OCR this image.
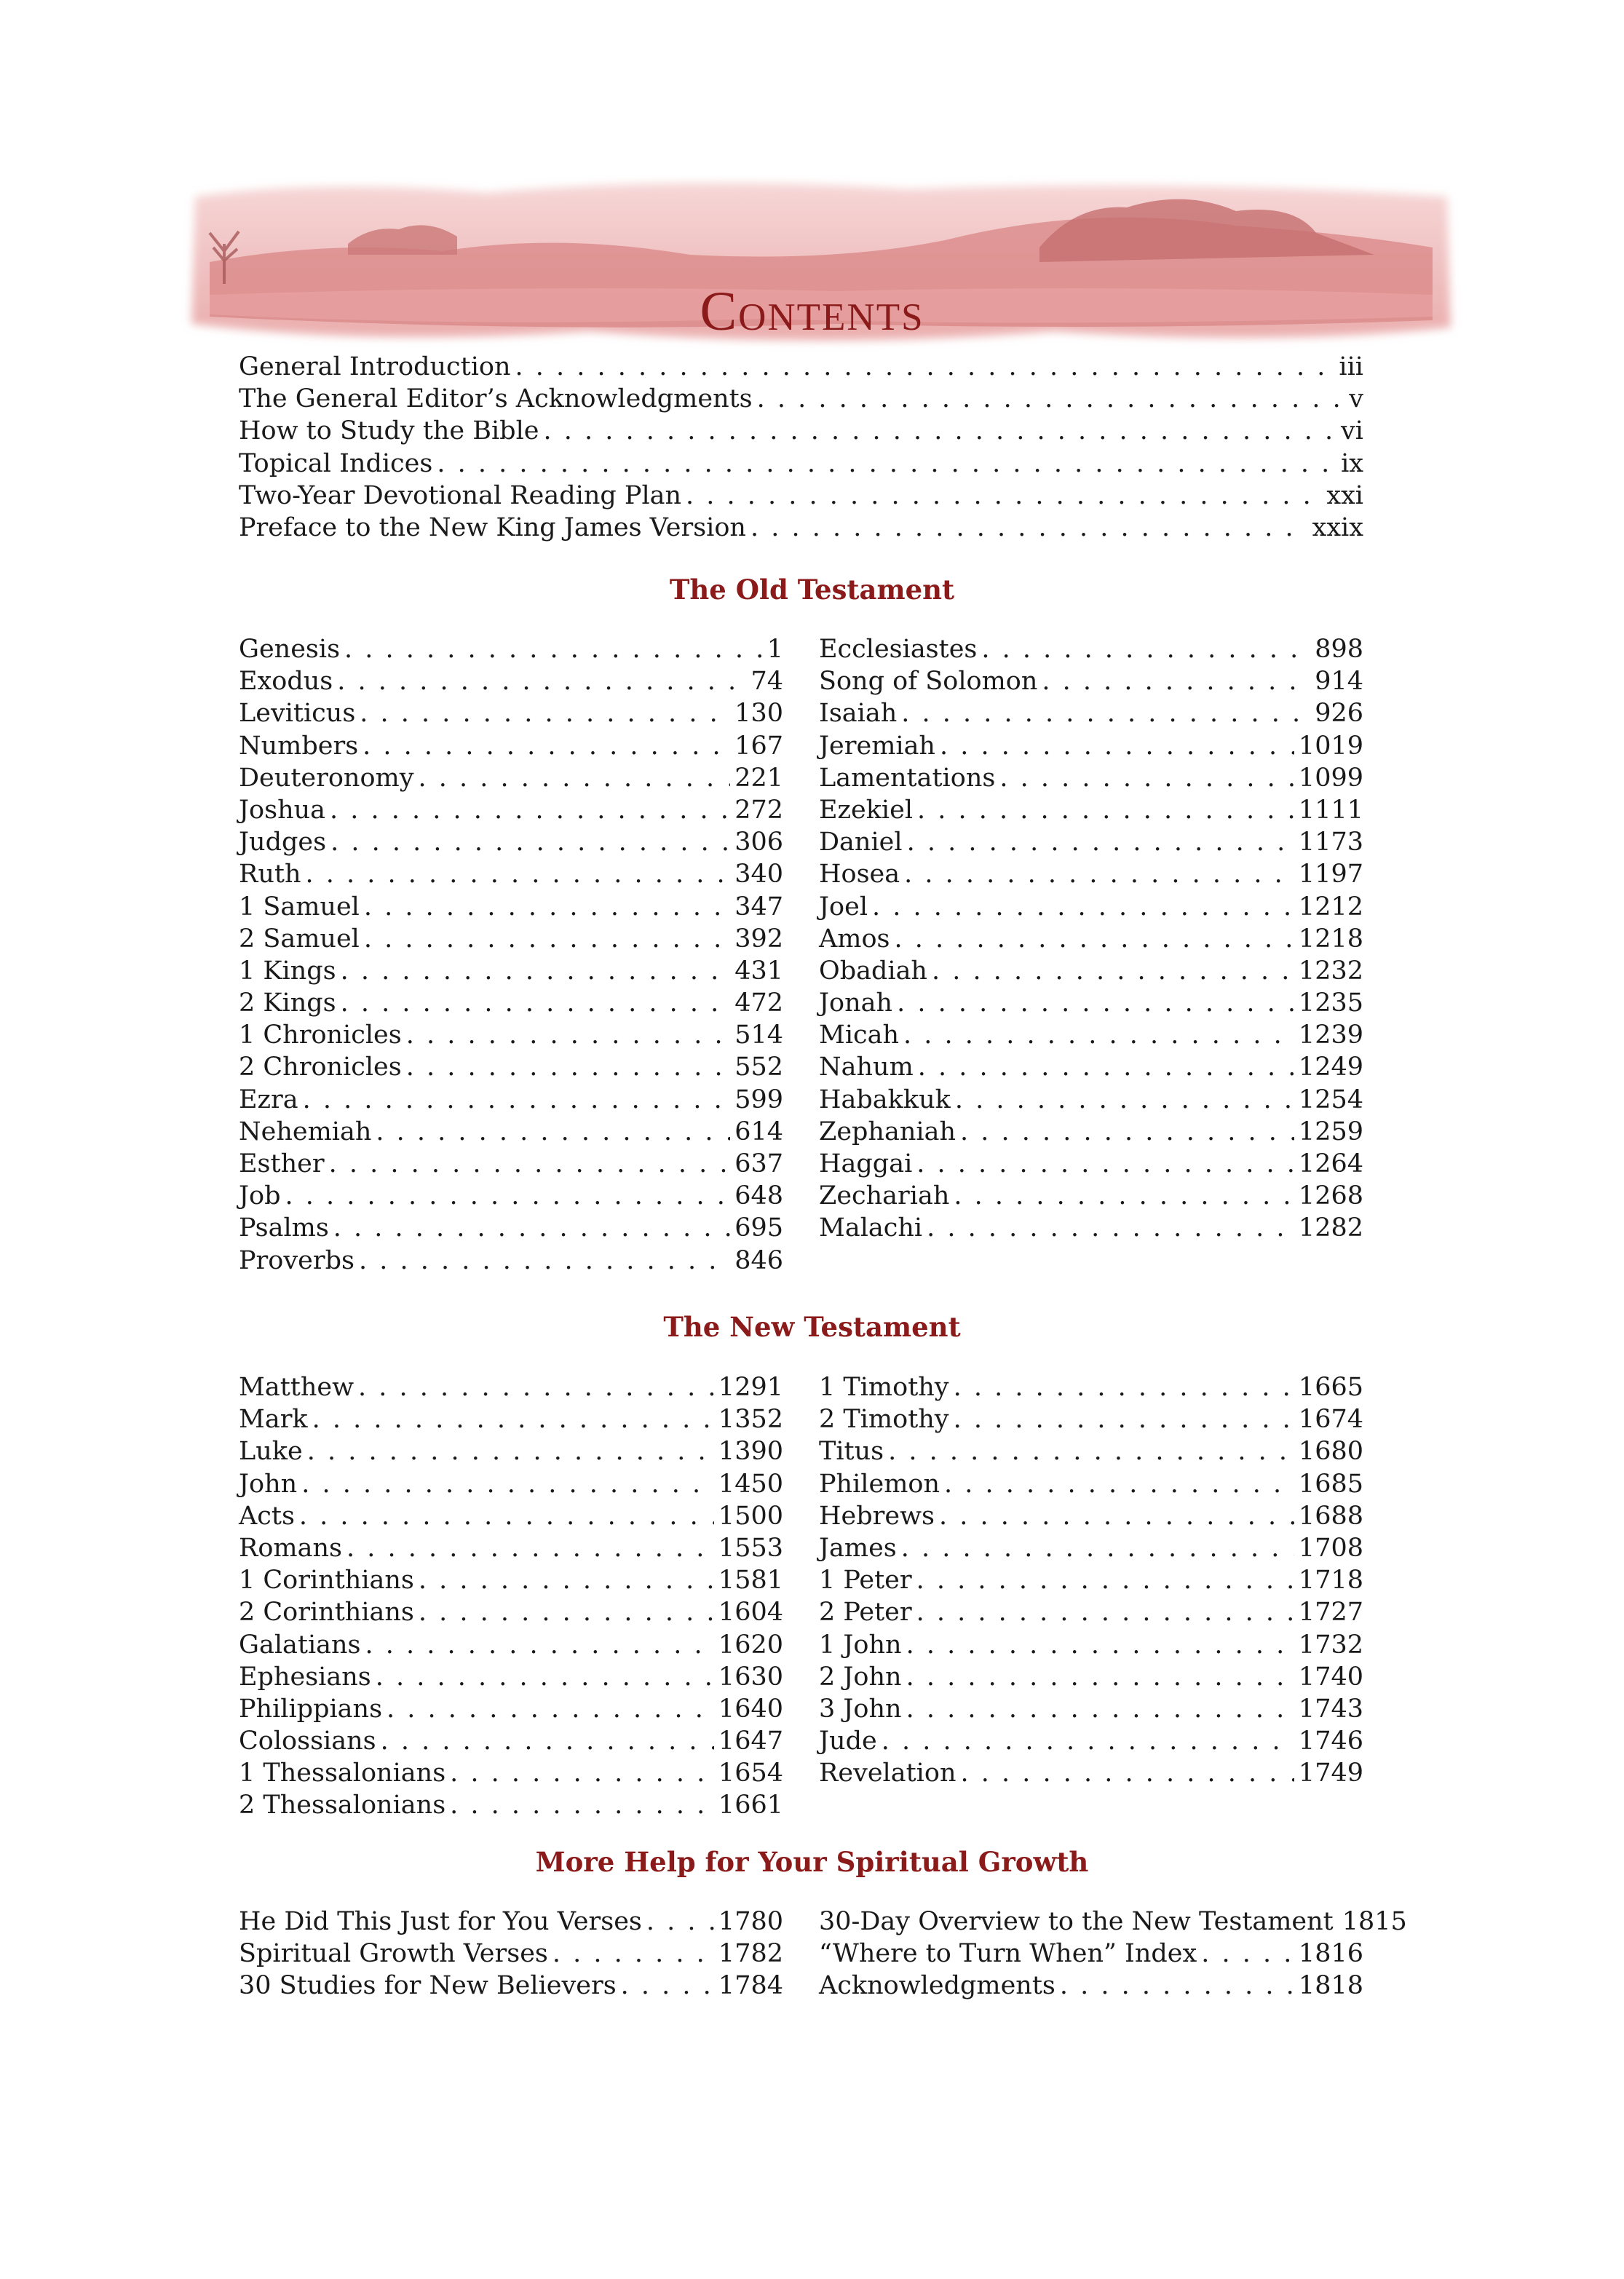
Contents
General Introduction . . .	iii
The General Editor’s Acknowledgments . . .	v
How to Study the Bible . . .	vi
Topical Indices . . .	ix
Two-Year Devotional Reading Plan . . .	xxi
Preface to the New King James Version . . .	xxix
The Old Testament
Genesis . . .	1
Exodus . . .	74
Leviticus . . .	130
Numbers . . .	167
Deuteronomy . . .	221
Joshua . . .	272
Judges . . .	306
Ruth . . .	340
1 Samuel . . .	347
2 Samuel . . .	392
1 Kings . . .	431
2 Kings . . .	472
1 Chronicles . . .	514
2 Chronicles . . .	552
Ezra . . .	599
Nehemiah . . .	614
Esther . . .	637
Job . . .	648
Psalms . . .	695
Proverbs . . .	846
Ecclesiastes . . .	898
Song of Solomon . . .	914
Isaiah . . .	926
Jeremiah . . .	1019
Lamentations . . .	1099
Ezekiel . . .	1111
Daniel . . .	1173
Hosea . . .	1197
Joel . . .	1212
Amos . . .	1218
Obadiah . . .	1232
Jonah . . .	1235
Micah . . .	1239
Nahum . . .	1249
Habakkuk . . .	1254
Zephaniah . . .	1259
Haggai . . .	1264
Zechariah . . .	1268
Malachi . . .	1282
The New Testament
Matthew . . .	1291
Mark . . .	1352
Luke . . .	1390
John . . .	1450
Acts . . .	1500
Romans . . .	1553
1 Corinthians . . .	1581
2 Corinthians . . .	1604
Galatians . . .	1620
Ephesians . . .	1630
Philippians . . .	1640
Colossians . . .	1647
1 Thessalonians . . .	1654
2 Thessalonians . . .	1661
1 Timothy . . .	1665
2 Timothy . . .	1674
Titus . . .	1680
Philemon . . .	1685
Hebrews . . .	1688
James . . .	1708
1 Peter . . .	1718
2 Peter . . .	1727
1 John . . .	1732
2 John . . .	1740
3 John . . .	1743
Jude . . .	1746
Revelation . . .	1749
More Help for Your Spiritual Growth
He Did This Just for You Verses . . .	1780
Spiritual Growth Verses . . .	1782
30 Studies for New Believers . . .	1784
30-Day Overview to the New Testament 1815
“Where to Turn When” Index . . .	1816
Acknowledgments . . .	1818
